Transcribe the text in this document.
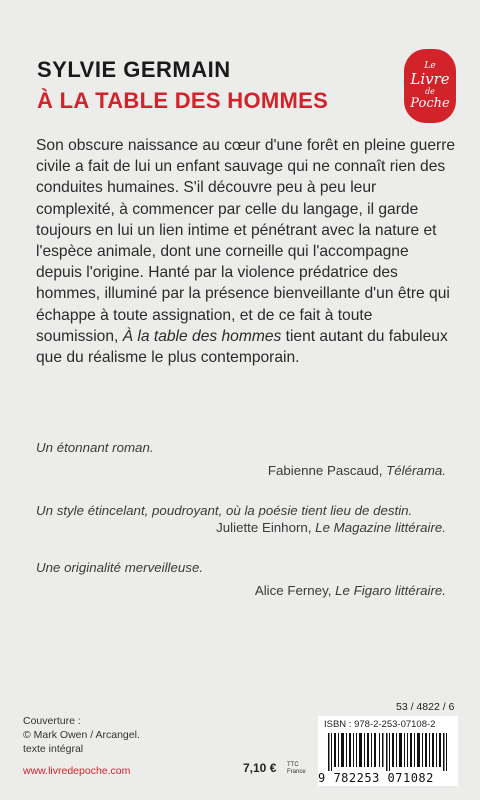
SYLVIE GERMAIN
À LA TABLE DES HOMMES
Le
Livre
de
Poche

Son obscure naissance au cœur d'une forêt en pleine guerre civile a fait de lui un enfant sauvage qui ne connaît rien des conduites humaines. S'il découvre peu à peu leur complexité, à commencer par celle du langage, il garde toujours en lui un lien intime et pénétrant avec la nature et l'espèce animale, dont une corneille qui l'accompagne depuis l'origine. Hanté par la violence prédatrice des hommes, illuminé par la présence bienveillante d'un être qui échappe à toute assignation, et de ce fait à toute soumission, À la table des hommes tient autant du fabuleux que du réalisme le plus contemporain.

Un étonnant roman.
Fabienne Pascaud, Télérama.
Un style étincelant, poudroyant, où la poésie tient lieu de destin.
Juliette Einhorn, Le Magazine littéraire.
Une originalité merveilleuse.
Alice Ferney, Le Figaro littéraire.
Couverture :
© Mark Owen / Arcangel.
texte intégral
www.livredepoche.com	7,10 € TTC
France
53 / 4822 / 6
ISBN : 978-2-253-07108-2
9 782253 071082
